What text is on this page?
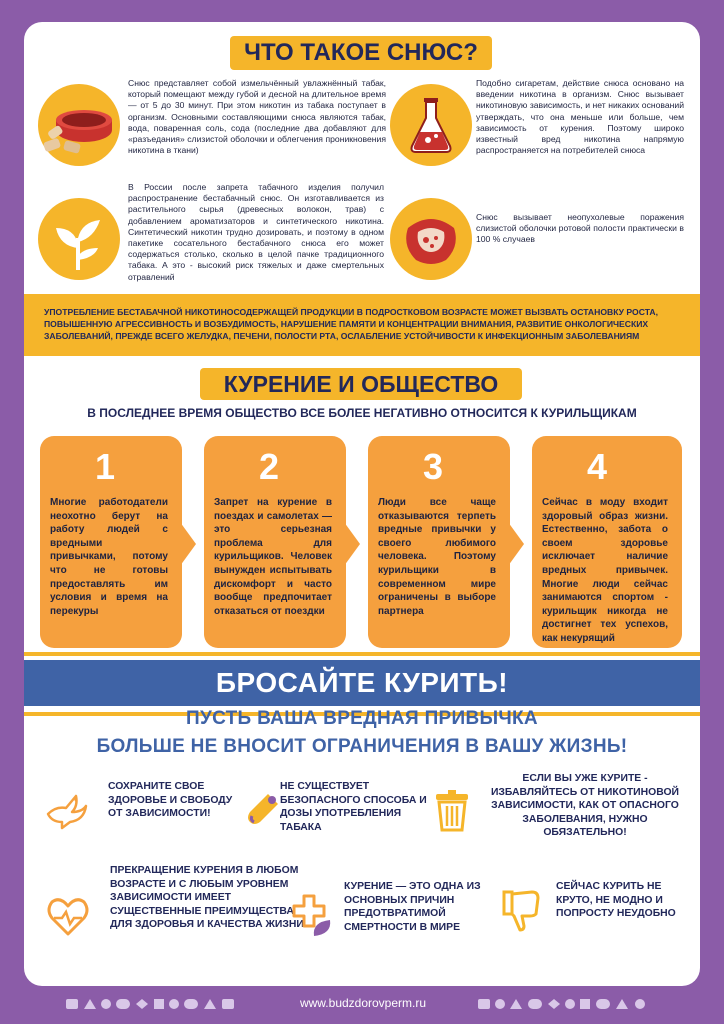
ЧТО ТАКОЕ СНЮС?
Снюс представляет собой измельчённый увлажнённый табак, который помещают между губой и десной на длительное время — от 5 до 30 минут. При этом никотин из табака поступает в организм. Основными составляющими снюса являются табак, вода, поваренная соль, сода (последние два добавляют для «разъедания» слизистой оболочки и облегчения проникновения никотина в ткани)
Подобно сигаретам, действие снюса основано на введении никотина в организм. Снюс вызывает никотиновую зависимость, и нет никаких оснований утверждать, что она меньше или больше, чем зависимость от курения. Поэтому широко известный вред никотина напрямую распространяется на потребителей снюса
В России после запрета табачного изделия получил распространение бестабачный снюс. Он изготавливается из растительного сырья (древесных волокон, трав) с добавлением ароматизаторов и синтетического никотина. Синтетический никотин трудно дозировать, и поэтому в одном пакетике сосательного бестабачного снюса его может содержаться столько, сколько в целой пачке традиционного табака. А это - высокий риск тяжелых и даже смертельных отравлений
Снюс вызывает неопухолевые поражения слизистой оболочки ротовой полости практически в 100 % случаев
УПОТРЕБЛЕНИЕ БЕСТАБАЧНОЙ НИКОТИНОСОДЕРЖАЩЕЙ ПРОДУКЦИИ В ПОДРОСТКОВОМ ВОЗРАСТЕ МОЖЕТ ВЫЗВАТЬ ОСТАНОВКУ РОСТА, ПОВЫШЕННУЮ АГРЕССИВНОСТЬ И ВОЗБУДИМОСТЬ, НАРУШЕНИЕ ПАМЯТИ И КОНЦЕНТРАЦИИ ВНИМАНИЯ, РАЗВИТИЕ ОНКОЛОГИЧЕСКИХ ЗАБОЛЕВАНИЙ, ПРЕЖДЕ ВСЕГО ЖЕЛУДКА, ПЕЧЕНИ, ПОЛОСТИ РТА, ОСЛАБЛЕНИЕ УСТОЙЧИВОСТИ К ИНФЕКЦИОННЫМ ЗАБОЛЕВАНИЯМ
КУРЕНИЕ И ОБЩЕСТВО
В ПОСЛЕДНЕЕ ВРЕМЯ ОБЩЕСТВО ВСЕ БОЛЕЕ НЕГАТИВНО ОТНОСИТСЯ К КУРИЛЬЩИКАМ
1
Многие работодатели неохотно берут на работу людей с вредными привычками, потому что не готовы предоставлять им условия и время на перекуры
2
Запрет на курение в поездах и самолетах — это серьезная проблема для курильщиков. Человек вынужден испытывать дискомфорт и часто вообще предпочитает отказаться от поездки
3
Люди все чаще отказываются терпеть вредные привычки у своего любимого человека. Поэтому курильщики в современном мире ограничены в выборе партнера
4
Сейчас в моду входит здоровый образ жизни. Естественно, забота о своем здоровье исключает наличие вредных привычек. Многие люди сейчас занимаются спортом - курильщик никогда не достигнет тех успехов, как некурящий
БРОСАЙТЕ КУРИТЬ!
ПУСТЬ ВАША ВРЕДНАЯ ПРИВЫЧКА
БОЛЬШЕ НЕ ВНОСИТ ОГРАНИЧЕНИЯ В ВАШУ ЖИЗНЬ!
СОХРАНИТЕ СВОЕ ЗДОРОВЬЕ И СВОБОДУ ОТ ЗАВИСИМОСТИ!
НЕ СУЩЕСТВУЕТ БЕЗОПАСНОГО СПОСОБА И ДОЗЫ УПОТРЕБЛЕНИЯ ТАБАКА
ЕСЛИ ВЫ УЖЕ КУРИТЕ - ИЗБАВЛЯЙТЕСЬ ОТ НИКОТИНОВОЙ ЗАВИСИМОСТИ, КАК ОТ ОПАСНОГО ЗАБОЛЕВАНИЯ, НУЖНО ОБЯЗАТЕЛЬНО!
ПРЕКРАЩЕНИЕ КУРЕНИЯ В ЛЮБОМ ВОЗРАСТЕ И С ЛЮБЫМ УРОВНЕМ ЗАВИСИМОСТИ ИМЕЕТ СУЩЕСТВЕННЫЕ ПРЕИМУЩЕСТВА ДЛЯ ЗДОРОВЬЯ И КАЧЕСТВА ЖИЗНИ
КУРЕНИЕ — ЭТО ОДНА ИЗ ОСНОВНЫХ ПРИЧИН ПРЕДОТВРАТИМОЙ СМЕРТНОСТИ В МИРЕ
СЕЙЧАС КУРИТЬ НЕ КРУТО, НЕ МОДНО И ПОПРОСТУ НЕУДОБНО
www.budzdorovperm.ru
